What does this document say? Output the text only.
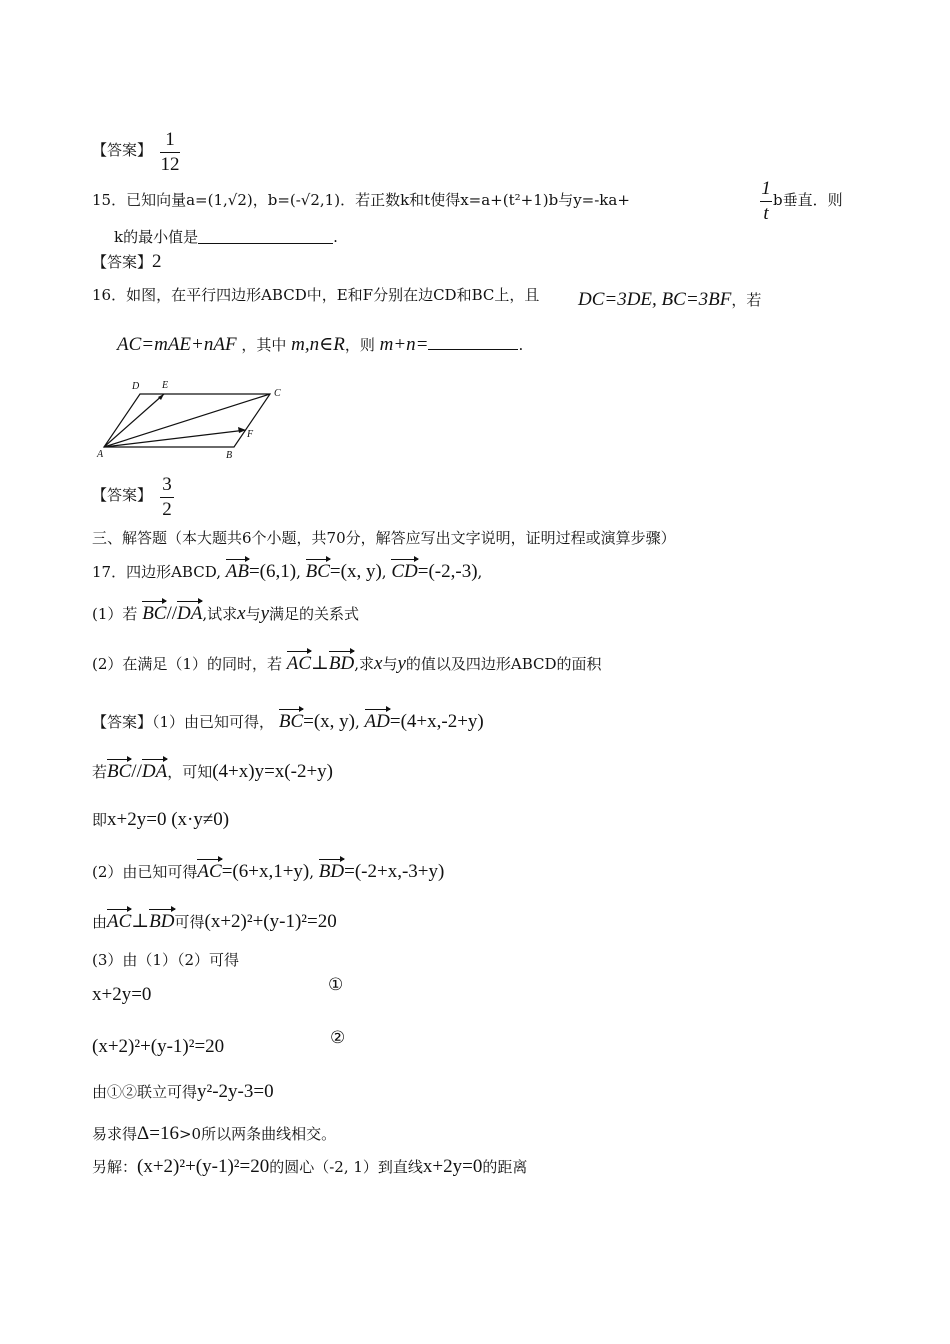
【答案】 1
12
15．已知向量a=(1,√2)，b=(-√2,1)．若正数k和t使得x=a+(t²+1)b与y=-ka+
1
t
b垂直．则
k的最小值是	.
【答案】2
16．如图，在平行四边形ABCD中，E和F分别在边CD和BC上，且 DC=3DE, BC=3BF，若
AC=mAE+nAF ，其中 m,n∈R，则 m+n=	.
D E
C
F
A	B
【答案】 3
2
三、解答题（本大题共6个小题，共70分，解答应写出文字说明，证明过程或演算步骤）
17．四边形ABCD, AB=(6,1), BC=(x, y), CD=(-2,-3),
(1）若 BC//DA,试求x与y满足的关系式
(2）在满足（1）的同时，若 AC⊥BD,求x与y的值以及四边形ABCD的面积
【答案】（1）由已知可得， BC=(x, y), AD=(4+x,-2+y)
若BC//DA，可知(4+x)y=x(-2+y)
即x+2y=0 (x·y≠0)
(2）由已知可得AC=(6+x,1+y), BD=(-2+x,-3+y)
由AC⊥BD可得(x+2)²+(y-1)²=20
(3）由（1）（2）可得
x+2y=0	①
(x+2)²+(y-1)²=20	②
由①②联立可得y²-2y-3=0
易求得Δ=16>0所以两条曲线相交。
另解：(x+2)²+(y-1)²=20的圆心（-2, 1）到直线x+2y=0的距离
